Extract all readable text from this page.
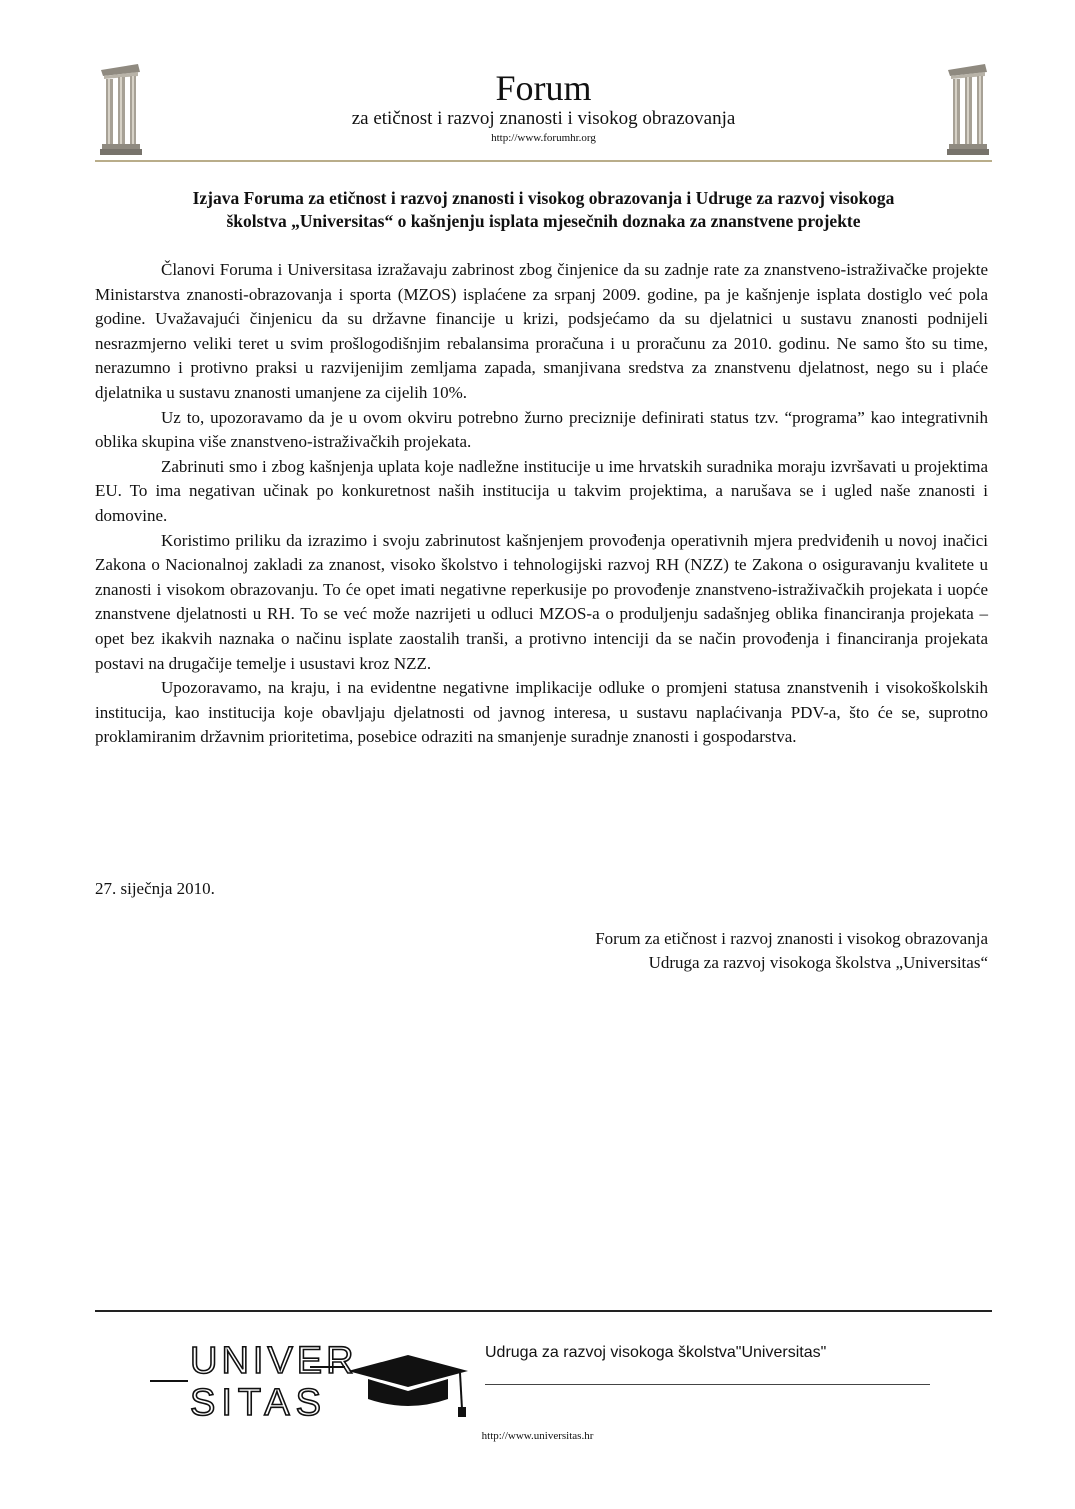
Forum
za etičnost i razvoj znanosti i visokog obrazovanja
http://www.forumhr.org
Izjava Foruma za etičnost i razvoj znanosti i visokog obrazovanja i Udruge za razvoj visokoga
školstva „Universitas“ o kašnjenju isplata mjesečnih doznaka za znanstvene projekte

Članovi Foruma i Universitasa izražavaju zabrinost zbog činjenice da su zadnje rate za znanstveno-istraživačke projekte Ministarstva znanosti-obrazovanja i sporta (MZOS) isplaćene za srpanj 2009. godine, pa je kašnjenje isplata dostiglo već pola godine. Uvažavajući činjenicu da su državne financije u krizi, podsjećamo da su djelatnici u sustavu znanosti podnijeli nesrazmjerno veliki teret u svim prošlogodišnjim rebalansima proračuna i u proračunu za 2010. godinu. Ne samo što su time, nerazumno i protivno praksi u razvijenijim zemljama zapada, smanjivana sredstva za znanstvenu djelatnost, nego su i plaće djelatnika u sustavu znanosti umanjene za cijelih 10%.

Uz to, upozoravamo da je u ovom okviru potrebno žurno preciznije definirati status tzv. “programa” kao integrativnih oblika skupina više znanstveno-istraživačkih projekata.

Zabrinuti smo i zbog kašnjenja uplata koje nadležne institucije u ime hrvatskih suradnika moraju izvršavati u projektima EU. To ima negativan učinak po konkuretnost naših institucija u takvim projektima, a narušava se i ugled naše znanosti i domovine.

Koristimo priliku da izrazimo i svoju zabrinutost kašnjenjem provođenja operativnih mjera predviđenih u novoj inačici Zakona o Nacionalnoj zakladi za znanost, visoko školstvo i tehnologijski razvoj RH (NZZ) te Zakona o osiguravanju kvalitete u znanosti i visokom obrazovanju. To će opet imati negativne reperkusije po provođenje znanstveno-istraživačkih projekata i uopće znanstvene djelatnosti u RH. To se već može nazrijeti u odluci MZOS-a o produljenju sadašnjeg oblika financiranja projekata – opet bez ikakvih naznaka o načinu isplate zaostalih tranši, a protivno intenciji da se način provođenja i financiranja projekata postavi na drugačije temelje i usustavi kroz NZZ.

Upozoravamo, na kraju, i na evidentne negativne implikacije odluke o promjeni statusa znanstvenih i visokoškolskih institucija, kao institucija koje obavljaju djelatnosti od javnog interesa, u sustavu naplaćivanja PDV-a, što će se, suprotno proklamiranim državnim prioritetima, posebice odraziti na smanjenje suradnje znanosti i gospodarstva.

27. siječnja 2010.
Forum za etičnost i razvoj znanosti i visokog obrazovanja
Udruga za razvoj visokoga školstva „Universitas“
UNIVER
SITAS
Udruga za razvoj visokoga školstva"Universitas"
http://www.universitas.hr
